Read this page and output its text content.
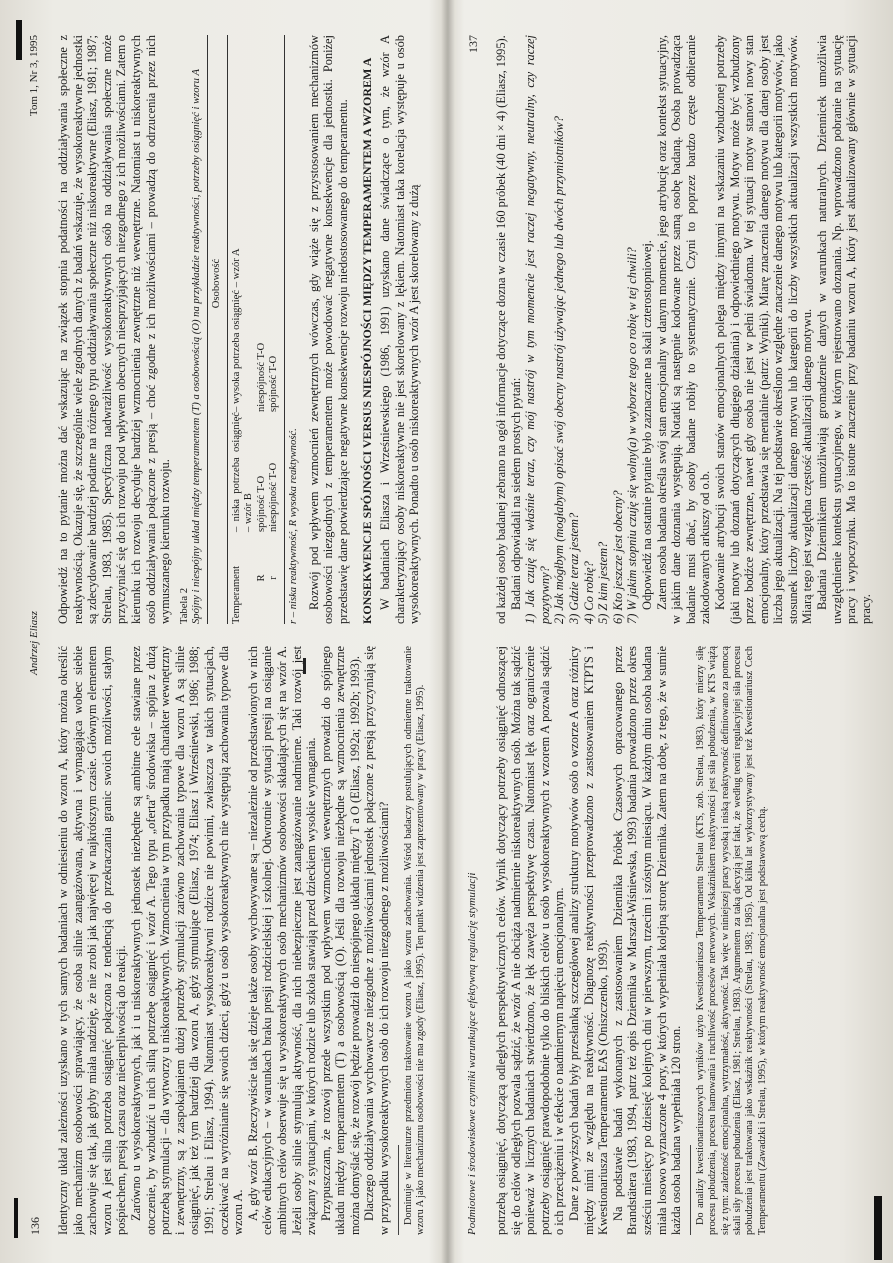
136
Andrzej Eliasz
Tom 1, Nr 3, 1995

Identyczny układ zależności uzyskano w tych samych badaniach w odniesieniu do wzoru A, który można określić jako mechanizm osobowości sprawiający, że osoba silnie zaangażowana, aktywna i wymagająca wobec siebie zachowuje się tak, jak gdyby miała nadzieję, że nie zrobi jak najwięcej w najkrótszym czasie. Głównym elementem wzoru A jest silna potrzeba osiągnięć połączona z tendencją do przekraczania granic swoich możliwości, stałym pośpiechem, presją czasu oraz niecierpliwością do reakcji. Zarówno u wysokoreaktywnych, jak i u niskoreaktywnych jednostek niezbędne są ambitne cele stawiane przez otoczenie, by wzbudzić u nich silną potrzebę osiągnięć i wzór A. Tego typu „oferta” środowiska – spójna z dużą potrzebą stymulacji – dla wytworzy u niskoreaktywnych. Wzmocnienia w tym przypadku mają charakter wewnętrzny i zewnętrzny, są z zaspokajaniem dużej potrzeby stymulacji zarówno zachowania typowe dla wzoru A są silnie osiągnięć, jak też tym bardziej dla wzoru A, gdyż stymulujące (Eliasz, 1974; Eliasz i Wrześniewski, 1986; 1988; 1991; Strelau i Eliasz, 1994). Natomiast wysokoreaktywni rodzice nie powinni, zwłaszcza w takich sytuacjach, oczekiwać na wyróżnianie się swoich dzieci, gdyż u osób wysokoreaktywnych nie występują zachowania typowe dla wzoru A. A, gdy wzór B. Rzeczywiście tak się dzieje także osoby wychowywane są – niezależnie od przedstawionych w nich celów edukacyjnych – w warunkach braku presji rodzicielskiej i szkolnej. Odwrotnie w sytuacji presji na osiąganie ambitnych celów obserwuje się u wysokoreaktywnych osób mechanizmów osobowości składających się na wzór A. Jeżeli osoby silnie stymulują aktywność, dla nich niebezpieczne jest zaangażowanie nadmierne. Taki rozwój jest związany z sytuacjami, w których rodzice lub szkoła stawiają przed dzieckiem wysokie wymagania. Przypuszczam, że rozwój przede wszystkim pod wpływem wzmocnień wewnętrznych prowadzi do spójnego układu między temperamentem (T) a osobowością (O). Jeśli dla rozwoju niezbędne są wzmocnienia zewnętrzne można domyślać się, że rozwój będzie prowadził do niespójnego układu między T a O (Eliasz, 1992a; 1992b; 1993). Dlaczego oddziaływania wychowawcze niezgodne z możliwościami jednostek połączone z presją przyczyniają się w przypadku wysokoreaktywnych osób do ich rozwoju niezgodnego z możliwościami? Dominuje w literaturze przedmiotu traktowanie wzoru A jako wzoru zachowania. Wśród badaczy postulujących odmienne traktowanie wzoru A jako mechanizmu osobowości nie ma zgody (Eliasz, 1995). Ten punkt widzenia jest zaprezentowany w pracy (Eliasz, 1995).

Odpowiedź na to pytanie można dać wskazując na związek stopnia podatności na oddziaływania społeczne z reaktywnością. Okazuje się, że szczególnie wiele zgodnych danych z badań wskazuje, że wysokoreaktywne jednostki są zdecydowanie bardziej podatne na różnego typu oddziaływania społeczne niż niskoreaktywne (Eliasz, 1981; 1987; Strelau, 1983, 1985). Specyficzna nadwrażliwość wysokoreaktywnych osób na oddziaływania społeczne może przyczyniać się do ich rozwoju pod wpływem obecnych niesprzyjających niezgodnego z ich możliwościami. Zatem o kierunku ich rozwoju decyduje bardziej wzmocnienia zewnętrzne niż wewnętrzne. Natomiast u niskoreaktywnych osób oddziaływania połączone z presją – choć zgodne z ich możliwościami – prowadzą do odrzucenia przez nich wymuszanego kierunku rozwoju. Tabela 2 Spójny i niespójny układ między temperamentem (T) a osobowością (O) na przykładzie reaktywności, potrzeby osiągnięć i wzoru A Osobowość
Temperament
– niska potrzeba osiągnięć – wzór B
– wysoka potrzeba osiągnięć – wzór A
R
spójność T-O
niespójność T-O
r
niespójność T-O
spójność T-O
r – niska reaktywność, R wysoka reaktywność. Rozwój pod wpływem wzmocnień zewnętrznych wówczas, gdy wiąże się z przystosowaniem mechanizmów osobowości niezgodnych z temperamentem może powodować negatywne konsekwencje dla jednostki. Poniżej przedstawię dane potwierdzające negatywne konsekwencje rozwoju niedostosowanego do temperamentu. KONSEKWENCJE SPÓJNOŚCI VERSUS NIESPÓJNOŚCI MIĘDZY TEMPERAMENTEM A WZOREM A W badaniach Eliasza i Wrześniewskiego (1986, 1991) uzyskano dane świadczące o tym, że wzór A charakteryzujący osoby niskoreaktywne nie jest skorelowany z lękiem. Natomiast taka korelacja występuje u osób wysokoreaktywnych. Ponadto u osób niskoreaktywnych wzór A jest skorelowany z dużą

Podmiotowe i środowiskowe czynniki warunkujące efektywną regulację stymulacji
137

potrzebą osiągnięć, dotyczącą odległych perspektywicznych celów. Wynik dotyczący potrzeby osiągnięć odnoszącej się do celów odległych pozwala sądzić, że wzór A nie obciąża nadmiernie niskoreaktywnych osób. Można tak sądzić ponieważ w licznych badaniach stwierdzono, że lęk zawęża perspektywę czasu. Natomiast lęk oraz ograniczenie potrzeby osiągnięć prawdopodobnie tylko do bliskich celów u osób wysokoreaktywnych z wzorem A pozwala sądzić o ich przeciążeniu i w efekcie o nadmiernym napięciu emocjonalnym. Dane z powyższych badań były przesłanką szczegółowej analizy struktury motywów osób o wzorze A oraz różnicy między nimi ze względu na reaktywność. Diagnozę reaktywności przeprowadzono z zastosowaniem KTPTS i Kwestionariusza Temperamentu EAS (Oniszczenko, 1993). Na podstawie badań wykonanych z zastosowaniem Dziennika Próbek Czasowych opracowanego przez Brandstätera (1983, 1994, patrz też opis Dziennika w Marszał-Wiśniewska, 1993) badania prowadzono przez okres sześciu miesięcy po dziesięć kolejnych dni w pierwszym, trzecim i szóstym miesiącu. W każdym dniu osoba badana miała losowo wyznaczone 4 pory, w których wypełniała kolejną stronę Dziennika. Zatem na dobę, z tego, że w sumie każda osoba badana wypełniała 120 stron. Do analizy kwestionariuszowych wyników użyto Kwestionariusza Temperamentu Strelau (KTS, zob. Strelau, 1983), który mierzy siłę procesu pobudzenia, procesu hamowania i ruchliwość procesów nerwowych. Wskaźnikiem reaktywności jest siła pobudzenia, w KTS wiążą się z tym: zależność emocjonalna, wytrzymałość, aktywność. Tak więc w niniejszej pracy wysoką i niską reaktywność definiowano za pomocą skali siły procesu pobudzenia (Eliasz, 1981; Strelau, 1983). Argumentem za taką decyzją jest fakt, że według teorii regulacyjnej siła procesu pobudzenia jest traktowana jako wskaźnik reaktywności (Strelau, 1983; 1985). Od kilku lat wykorzystywany jest też Kwestionariusz Cech Temperamentu (Zawadzki i Strelau, 1995), w którym reaktywność emocjonalna jest podstawową cechą.

od każdej osoby badanej zebrano na ogół informacje dotyczące dozna w czasie 160 próbek (40 dni × 4) (Eliasz, 1995). Badani odpowiadali na siedem prostych pytań: 1) Jak czuję się właśnie teraz, czy mój nastrój w tym momencie jest raczej negatywny, neutralny, czy raczej pozytywny? 2) Jak mógłbym (mogłabym) opisać swój obecny nastrój używając jednego lub dwóch przymiotników? 3) Gdzie teraz jestem? 4) Co robię? 5) Z kim jestem? 6) Kto jeszcze jest obecny? 7) W jakim stopniu czuję się wolny(a) w wyborze tego co robię w tej chwili? Odpowiedź na ostatnie pytanie było zaznaczane na skali czterostopniowej. Zatem osoba badana określa swój stan emocjonalny w danym momencie, jego atrybucję oraz kontekst sytuacyjny, w jakim dane doznania występują. Notatki są następnie kodowane przez samą osobę badaną. Osoba prowadząca badanie musi dbać, by osoby badane robiły to systematycznie. Czyni to poprzez bardzo częste odbieranie zakodowanych arkuszy od o.b. Kodowanie atrybucji swoich stanów emocjonalnych polega między innymi na wskazaniu wzbudzonej potrzeby (jaki motyw lub doznań dotyczących długiego działania) i odpowiedniego motywu. Motyw może być wzbudzony przez bodźce zewnętrzne, nawet gdy osoba nie jest w pełni świadoma. W tej sytuacji motyw stanowi nowy stan emocjonalny, który przedstawia się mentalnie (patrz: Wyniki). Miarę znaczenia danego motywu dla danej osoby jest liczba jego aktualizacji. Na tej podstawie określono względne znaczenie danego motywu lub kategorii motywów, jako stosunek liczby aktualizacji danego motywu lub kategorii do liczby wszystkich aktualizacji wszystkich motywów. Miarą tego jest względna częstość aktualizacji danego motywu. Badania Dziennikiem umożliwiają gromadzenie danych w warunkach naturalnych. Dziennicek umożliwia uwzględnienie kontekstu sytuacyjnego, w którym rejestrowano doznania. Np. wprowadzono pobranie na sytuację pracy i wypoczynku. Ma to istotne znaczenie przy badaniu wzoru A, który jest aktualizowany głównie w sytuacji pracy.
